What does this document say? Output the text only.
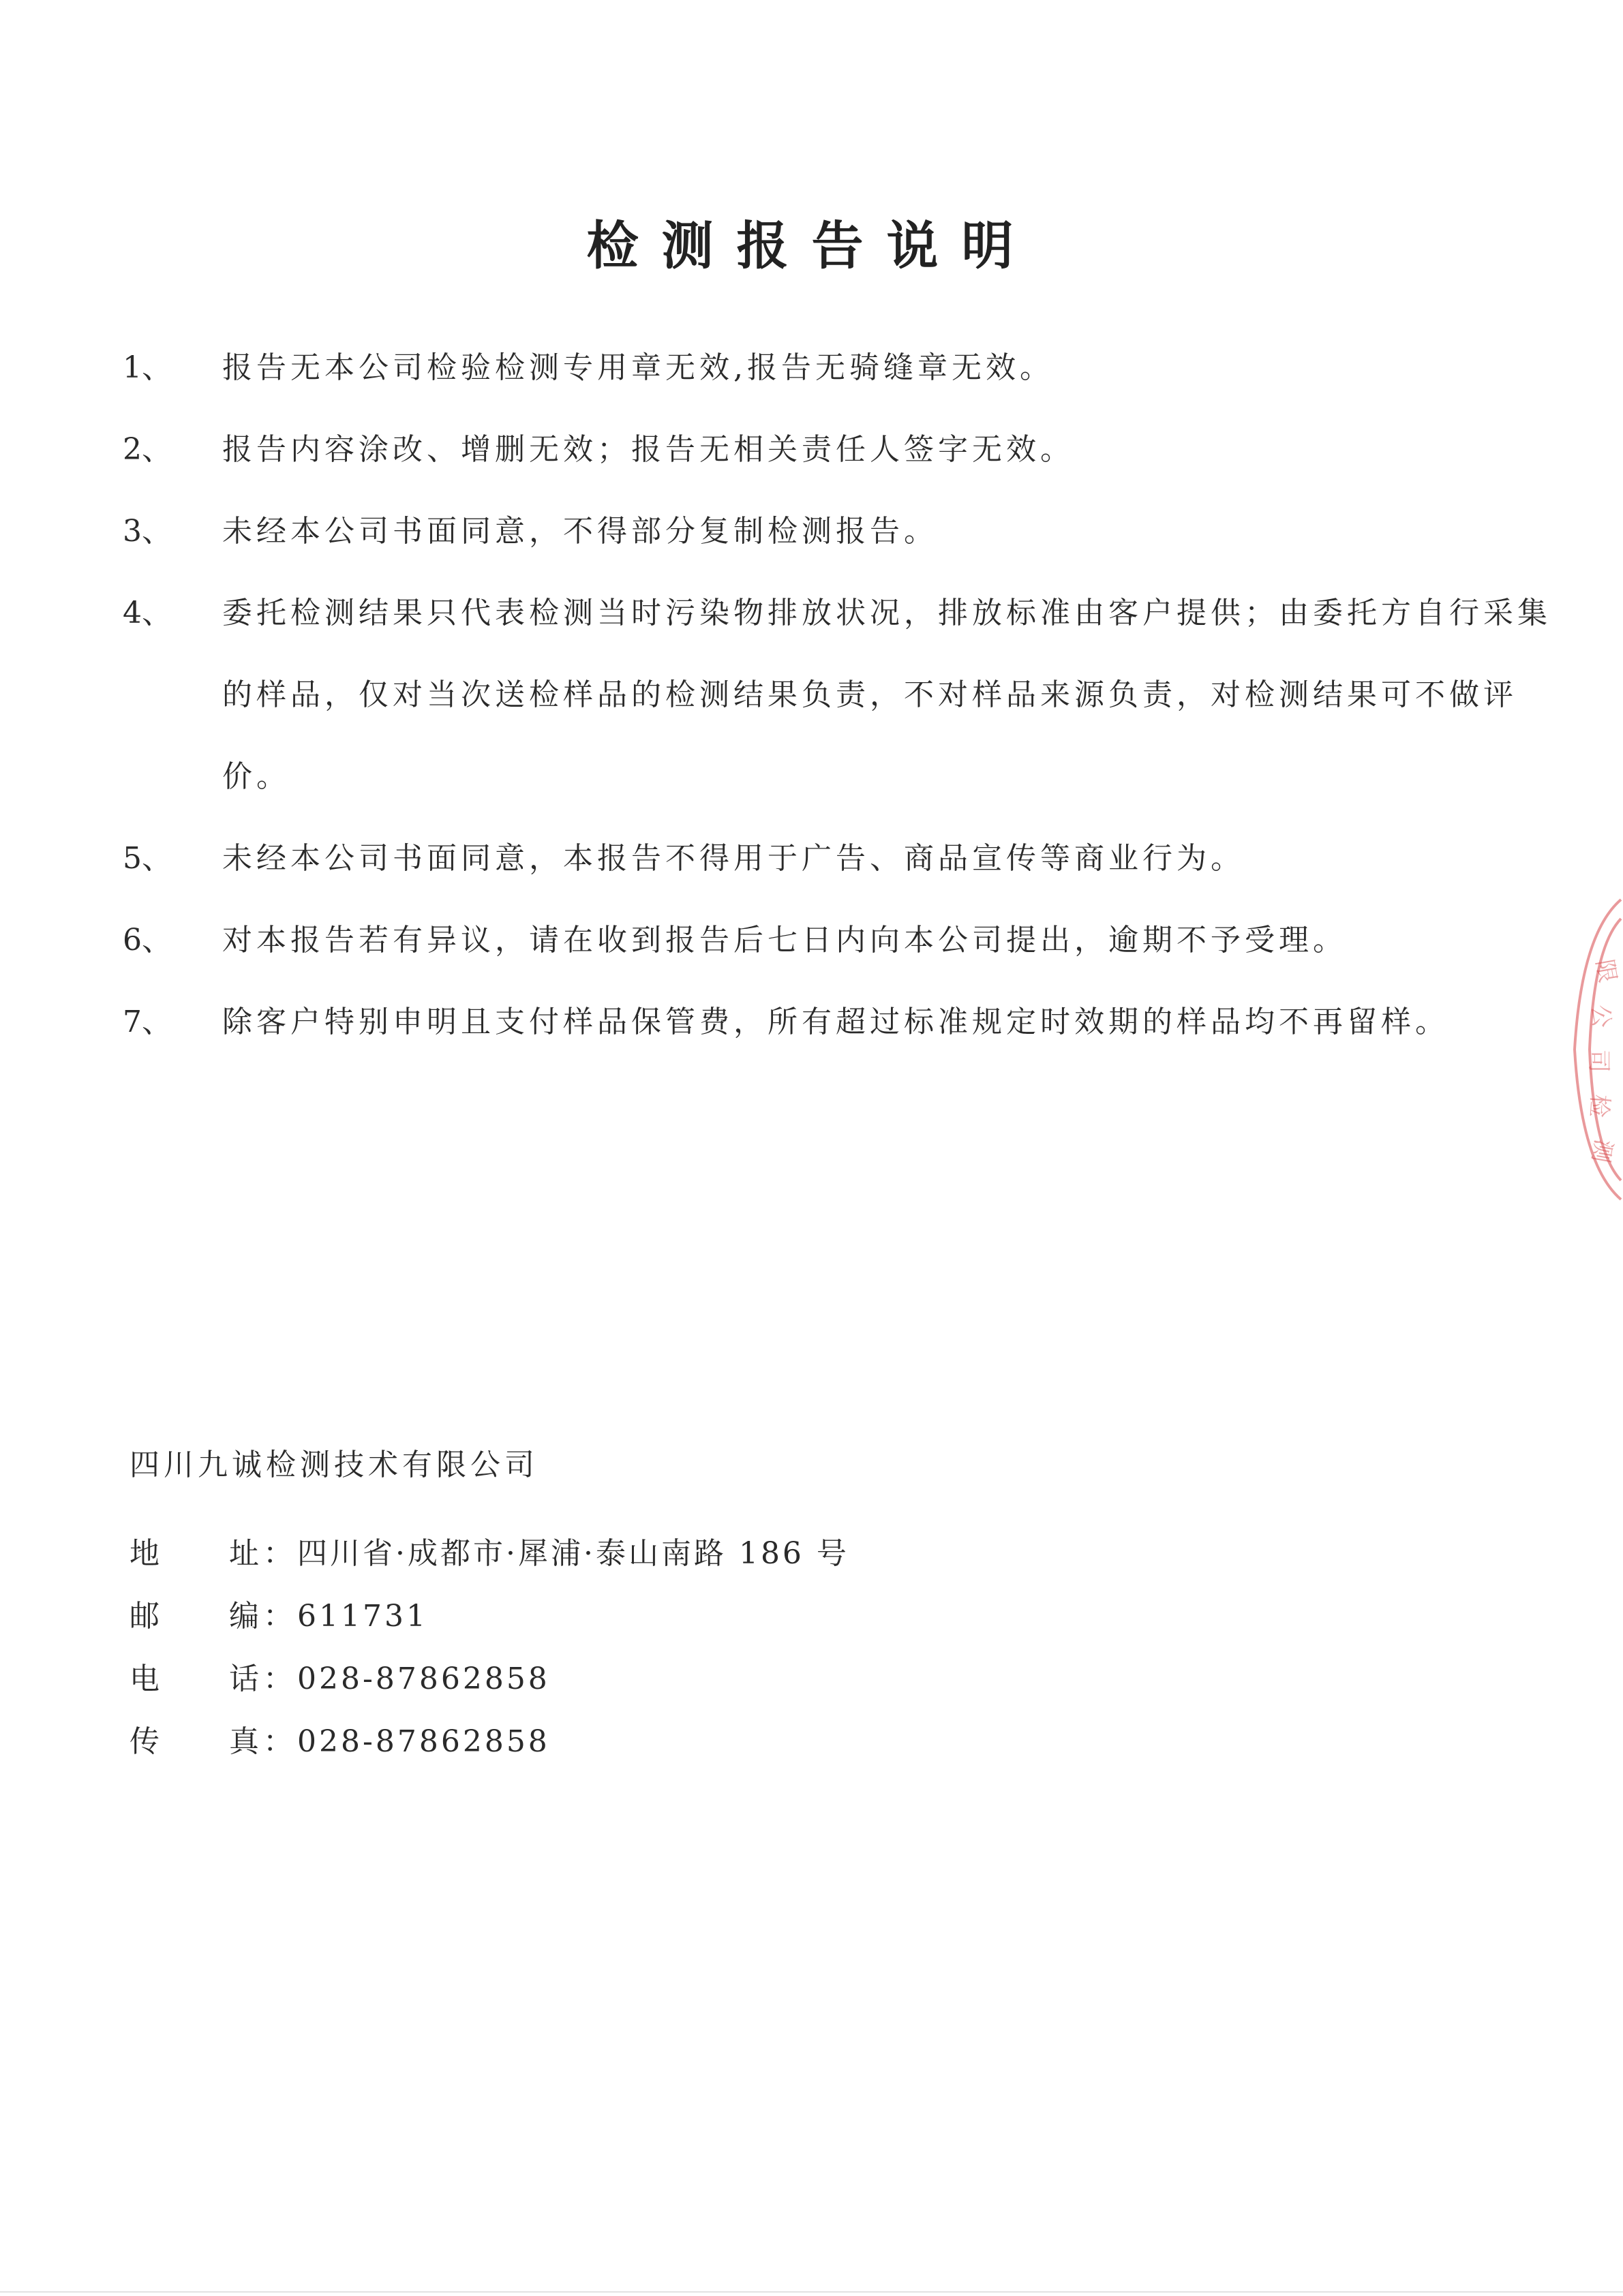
检测报告说明
1、 报告无本公司检验检测专用章无效,报告无骑缝章无效。
2、 报告内容涂改、增删无效；报告无相关责任人签字无效。
3、 未经本公司书面同意，不得部分复制检测报告。
4、 委托检测结果只代表检测当时污染物排放状况，排放标准由客户提供；由委托方自行采集的样品，仅对当次送检样品的检测结果负责，不对样品来源负责，对检测结果可不做评价。
5、 未经本公司书面同意，本报告不得用于广告、商品宣传等商业行为。
6、 对本报告若有异议，请在收到报告后七日内向本公司提出，逾期不予受理。
7、 除客户特别申明且支付样品保管费，所有超过标准规定时效期的样品均不再留样。
四川九诚检测技术有限公司
地 址 ： 四川省·成都市·犀浦·泰山南路 186 号
邮 编 ： 611731
电 话 ： 028-87862858
传 真 ： 028-87862858
限
公
司
检
测
